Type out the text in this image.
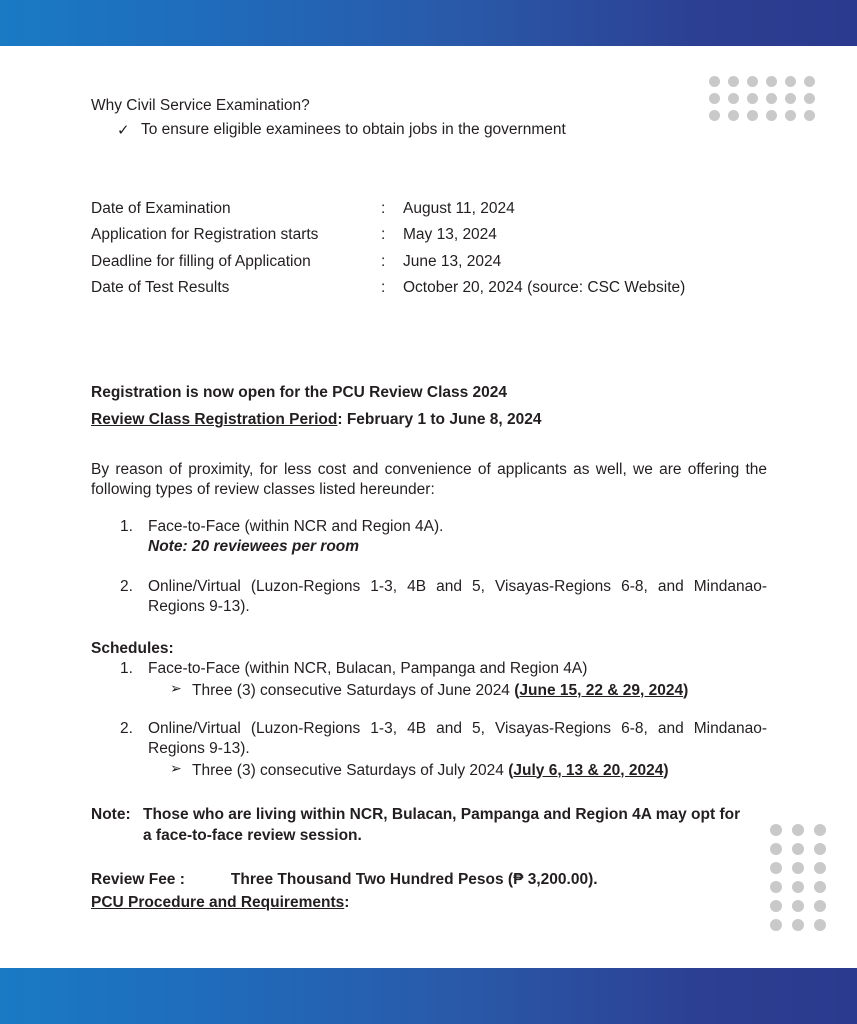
Why Civil Service Examination?
✓ To ensure eligible examinees to obtain jobs in the government
Date of Examination	:	August 11, 2024
Application for Registration starts	:	May 13, 2024
Deadline for filling of Application	:	June 13, 2024
Date of Test Results	:	October 20, 2024 (source: CSC Website)
Registration is now open for the PCU Review Class 2024
Review Class Registration Period: February 1 to June 8, 2024
By reason of proximity, for less cost and convenience of applicants as well, we are offering the following types of review classes listed hereunder:
1. Face-to-Face (within NCR and Region 4A).
Note: 20 reviewees per room
2. Online/Virtual (Luzon-Regions 1-3, 4B and 5, Visayas-Regions 6-8, and Mindanao-Regions 9-13).
Schedules:
1. Face-to-Face (within NCR, Bulacan, Pampanga and Region 4A)
➢ Three (3) consecutive Saturdays of June 2024 (June 15, 22 & 29, 2024)
2. Online/Virtual (Luzon-Regions 1-3, 4B and 5, Visayas-Regions 6-8, and Mindanao-Regions 9-13).
➢ Three (3) consecutive Saturdays of July 2024 (July 6, 13 & 20, 2024)
Note: Those who are living within NCR, Bulacan, Pampanga and Region 4A may opt for a face-to-face review session.
Review Fee :	Three Thousand Two Hundred Pesos (₱ 3,200.00).
PCU Procedure and Requirements:
